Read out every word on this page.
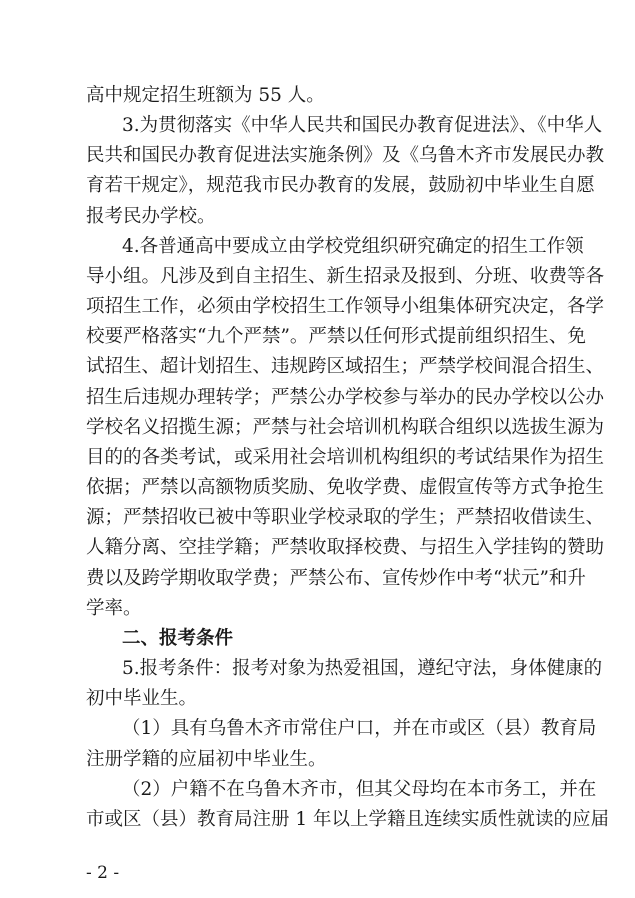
高中规定招生班额为 55 人。
3.为贯彻落实《中华人民共和国民办教育促进法》、《中华人
民共和国民办教育促进法实施条例》及《乌鲁木齐市发展民办教
育若干规定》，规范我市民办教育的发展，鼓励初中毕业生自愿
报考民办学校。
4.各普通高中要成立由学校党组织研究确定的招生工作领
导小组。凡涉及到自主招生、新生招录及报到、分班、收费等各
项招生工作，必须由学校招生工作领导小组集体研究决定，各学
校要严格落实“九个严禁”。严禁以任何形式提前组织招生、免
试招生、超计划招生、违规跨区域招生；严禁学校间混合招生、
招生后违规办理转学；严禁公办学校参与举办的民办学校以公办
学校名义招揽生源；严禁与社会培训机构联合组织以选拔生源为
目的的各类考试，或采用社会培训机构组织的考试结果作为招生
依据；严禁以高额物质奖励、免收学费、虚假宣传等方式争抢生
源；严禁招收已被中等职业学校录取的学生；严禁招收借读生、
人籍分离、空挂学籍；严禁收取择校费、与招生入学挂钩的赞助
费以及跨学期收取学费；严禁公布、宣传炒作中考“状元”和升
学率。
二、报考条件
5.报考条件：报考对象为热爱祖国，遵纪守法，身体健康的
初中毕业生。
（1）具有乌鲁木齐市常住户口，并在市或区（县）教育局
注册学籍的应届初中毕业生。
（2）户籍不在乌鲁木齐市，但其父母均在本市务工，并在
市或区（县）教育局注册 1 年以上学籍且连续实质性就读的应届
- 2 -
